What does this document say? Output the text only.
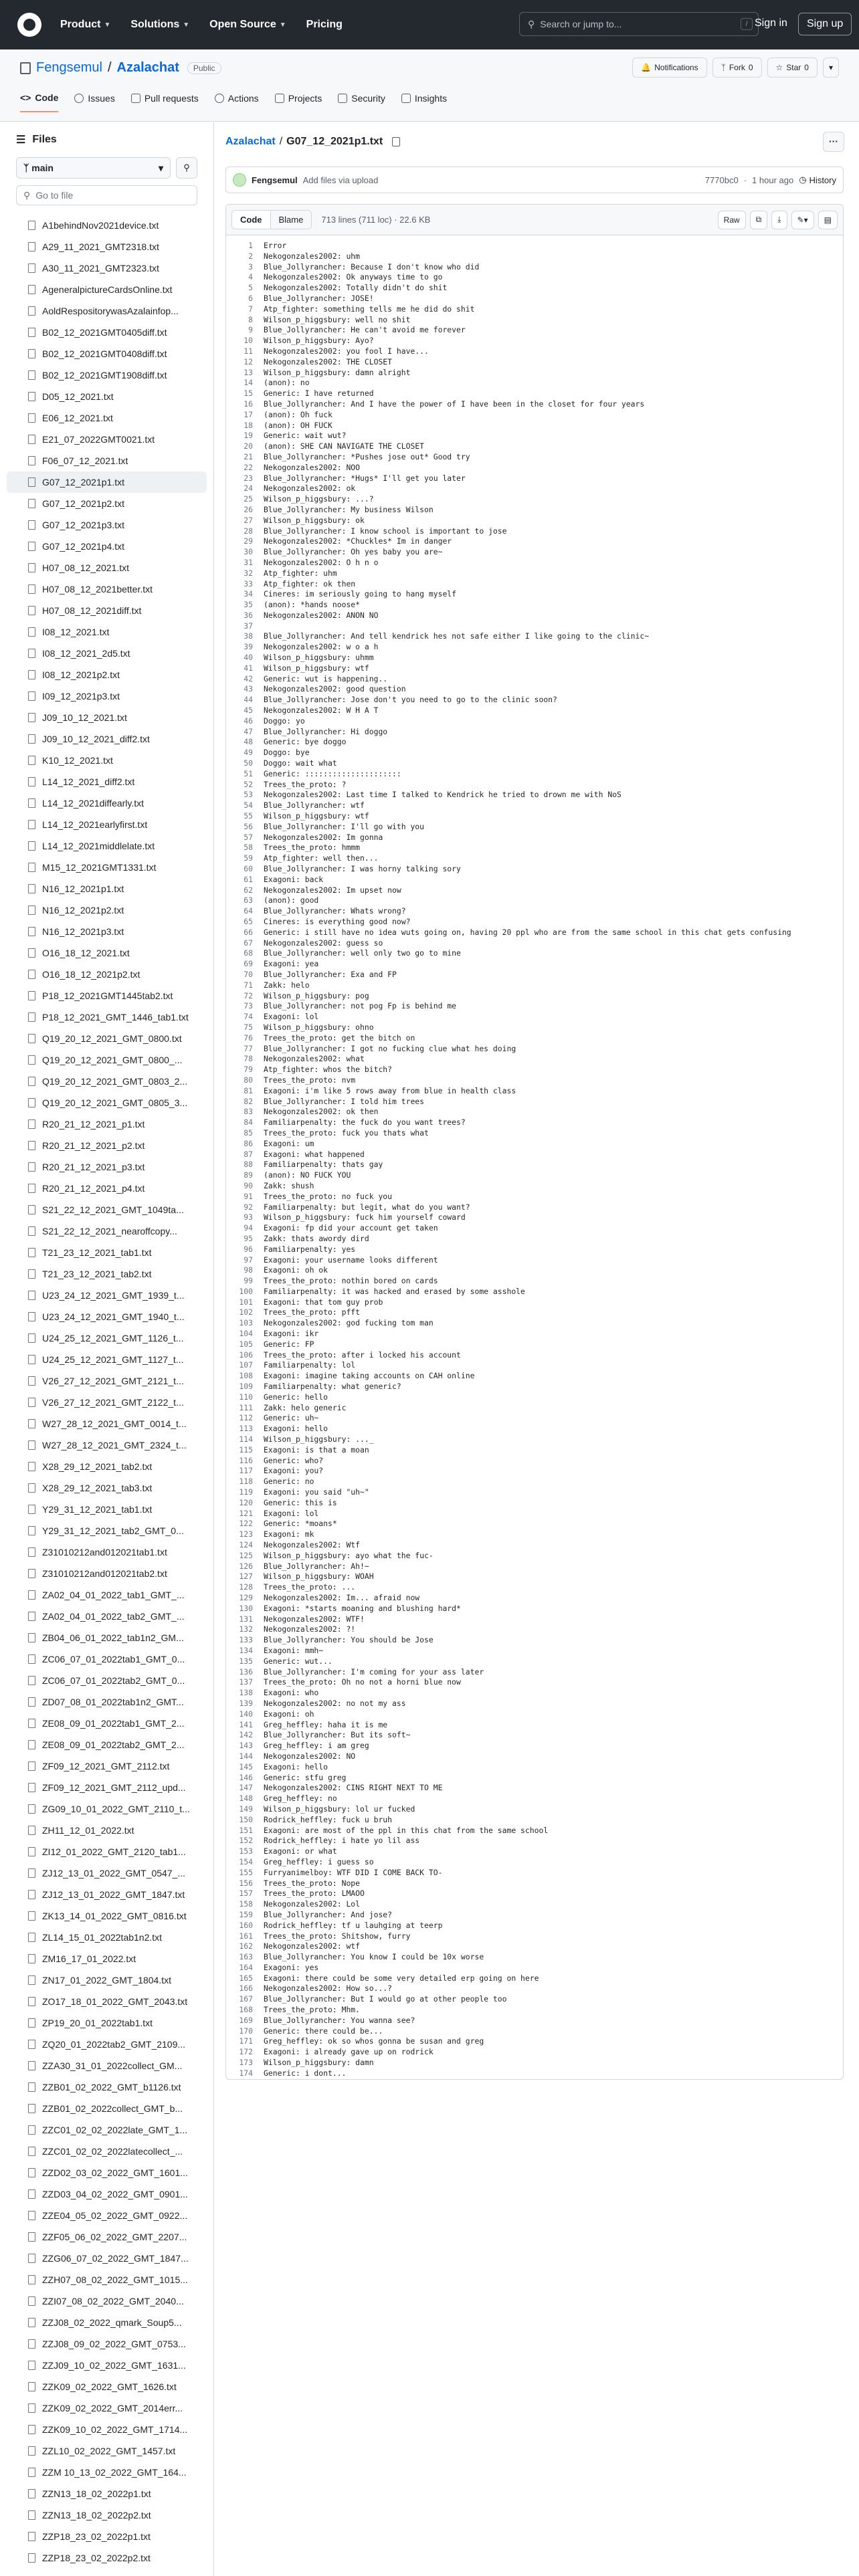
Product ▼ Solutions ▼ Open Source ▼ Pricing	⚲ Search or jump to...	/ Sign in	Sign up
Fengsemul / Azalachat	Public	🔔 Notifications	ᛉ Fork 0	☆ Star 0	▾
<> Code	Issues	Pull requests	Actions	Projects	Security	Insights
☰ Files
ᛉ main	▾ ⚲
⚲ Go to file
A1behindNov2021device.txt
A29_11_2021_GMT2318.txt
A30_11_2021_GMT2323.txt
AgeneralpictureCardsOnline.txt
AoldRespositorywasAzalainfop...
B02_12_2021GMT0405diff.txt
B02_12_2021GMT0408diff.txt
B02_12_2021GMT1908diff.txt
D05_12_2021.txt
E06_12_2021.txt
E21_07_2022GMT0021.txt
F06_07_12_2021.txt
G07_12_2021p1.txt
G07_12_2021p2.txt
G07_12_2021p3.txt
G07_12_2021p4.txt
H07_08_12_2021.txt
H07_08_12_2021better.txt
H07_08_12_2021diff.txt
I08_12_2021.txt
I08_12_2021_2d5.txt
I08_12_2021p2.txt
I09_12_2021p3.txt
J09_10_12_2021.txt
J09_10_12_2021_diff2.txt
K10_12_2021.txt
L14_12_2021_diff2.txt
L14_12_2021diffearly.txt
L14_12_2021earlyfirst.txt
L14_12_2021middlelate.txt
M15_12_2021GMT1331.txt
N16_12_2021p1.txt
N16_12_2021p2.txt
N16_12_2021p3.txt
O16_18_12_2021.txt
O16_18_12_2021p2.txt
P18_12_2021GMT1445tab2.txt
P18_12_2021_GMT_1446_tab1.txt
Q19_20_12_2021_GMT_0800.txt
Q19_20_12_2021_GMT_0800_...
Q19_20_12_2021_GMT_0803_2...
Q19_20_12_2021_GMT_0805_3...
R20_21_12_2021_p1.txt
R20_21_12_2021_p2.txt
R20_21_12_2021_p3.txt
R20_21_12_2021_p4.txt
S21_22_12_2021_GMT_1049ta...
S21_22_12_2021_nearoffcopy...
T21_23_12_2021_tab1.txt
T21_23_12_2021_tab2.txt
U23_24_12_2021_GMT_1939_t...
U23_24_12_2021_GMT_1940_t...
U24_25_12_2021_GMT_1126_t...
U24_25_12_2021_GMT_1127_t...
V26_27_12_2021_GMT_2121_t...
V26_27_12_2021_GMT_2122_t...
W27_28_12_2021_GMT_0014_t...
W27_28_12_2021_GMT_2324_t...
X28_29_12_2021_tab2.txt
X28_29_12_2021_tab3.txt
Y29_31_12_2021_tab1.txt
Y29_31_12_2021_tab2_GMT_0...
Z31010212and012021tab1.txt
Z31010212and012021tab2.txt
ZA02_04_01_2022_tab1_GMT_...
ZA02_04_01_2022_tab2_GMT_...
ZB04_06_01_2022_tab1n2_GM...
ZC06_07_01_2022tab1_GMT_0...
ZC06_07_01_2022tab2_GMT_0...
ZD07_08_01_2022tab1n2_GMT...
ZE08_09_01_2022tab1_GMT_2...
ZE08_09_01_2022tab2_GMT_2...
ZF09_12_2021_GMT_2112.txt
ZF09_12_2021_GMT_2112_upd...
ZG09_10_01_2022_GMT_2110_t...
ZH11_12_01_2022.txt
ZI12_01_2022_GMT_2120_tab1...
ZJ12_13_01_2022_GMT_0547_...
ZJ12_13_01_2022_GMT_1847.txt
ZK13_14_01_2022_GMT_0816.txt
ZL14_15_01_2022tab1n2.txt
ZM16_17_01_2022.txt
ZN17_01_2022_GMT_1804.txt
ZO17_18_01_2022_GMT_2043.txt
ZP19_20_01_2022tab1.txt
ZQ20_01_2022tab2_GMT_2109...
ZZA30_31_01_2022collect_GM...
ZZB01_02_2022_GMT_b1126.txt
ZZB01_02_2022collect_GMT_b...
ZZC01_02_02_2022late_GMT_1...
ZZC01_02_02_2022latecollect_...
ZZD02_03_02_2022_GMT_1601...
ZZD03_04_02_2022_GMT_0901...
ZZE04_05_02_2022_GMT_0922...
ZZF05_06_02_2022_GMT_2207...
ZZG06_07_02_2022_GMT_1847...
ZZH07_08_02_2022_GMT_1015...
ZZI07_08_02_2022_GMT_2040...
ZZJ08_02_2022_qmark_Soup5...
ZZJ08_09_02_2022_GMT_0753...
ZZJ09_10_02_2022_GMT_1631...
ZZK09_02_2022_GMT_1626.txt
ZZK09_02_2022_GMT_2014err...
ZZK09_10_02_2022_GMT_1714...
ZZL10_02_2022_GMT_1457.txt
ZZM 10_13_02_2022_GMT_164...
ZZN13_18_02_2022p1.txt
ZZN13_18_02_2022p2.txt
ZZP18_23_02_2022p1.txt
ZZP18_23_02_2022p2.txt
Azalachat / G07_12_2021p1.txt	···
Fengsemul Add files via upload	7770bc0 · 1 hour ago ◷ History
Code	Blame	713 lines (711 loc) · 22.6 KB	Raw	⧉ ⤓ ✎ ▾ ▤
1	Error
2	Nekogonzales2002: uhm
3	Blue_Jollyrancher: Because I don't know who did
4	Nekogonzales2002: Ok anyways time to go
5	Nekogonzales2002: Totally didn't do shit
6	Blue_Jollyrancher: JOSE!
7	Atp_fighter: something tells me he did do shit
8	Wilson_p_higgsbury: well no shit
9	Blue_Jollyrancher: He can't avoid me forever
10	Wilson_p_higgsbury: Ayo?
11	Nekogonzales2002: you fool I have...
12	Nekogonzales2002: THE CLOSET
13	Wilson_p_higgsbury: damn alright
14	(anon): no
15	Generic: I have returned
16	Blue_Jollyrancher: And I have the power of I have been in the closet for four years
17	(anon): Oh fuck
18	(anon): OH FUCK
19	Generic: wait wut?
20	(anon): SHE CAN NAVIGATE THE CLOSET
21	Blue_Jollyrancher: *Pushes jose out* Good try
22	Nekogonzales2002: NOO
23	Blue_Jollyrancher: *Hugs* I'll get you later
24	Nekogonzales2002: ok
25	Wilson_p_higgsbury: ...?
26	Blue_Jollyrancher: My business Wilson
27	Wilson_p_higgsbury: ok
28	Blue_Jollyrancher: I know school is important to jose
29	Nekogonzales2002: *Chuckles* Im in danger
30	Blue_Jollyrancher: Oh yes baby you are~
31	Nekogonzales2002: O h n o
32	Atp_fighter: uhm
33	Atp_fighter: ok then
34	Cineres: im seriously going to hang myself
35	(anon): *hands noose*
36	Nekogonzales2002: ANON NO
37
38	Blue_Jollyrancher: And tell kendrick hes not safe either I like going to the clinic~
39	Nekogonzales2002: w o a h
40	Wilson_p_higgsbury: uhmm
41	Wilson_p_higgsbury: wtf
42	Generic: wut is happening..
43	Nekogonzales2002: good question
44	Blue_Jollyrancher: Jose don't you need to go to the clinic soon?
45	Nekogonzales2002: W H A T
46	Doggo: yo
47	Blue_Jollyrancher: Hi doggo
48	Generic: bye doggo
49	Doggo: bye
50	Doggo: wait what
51	Generic: :::::::::::::::::::::
52	Trees_the_proto: ?
53	Nekogonzales2002: Last time I talked to Kendrick he tried to drown me with NoS
54	Blue_Jollyrancher: wtf
55	Wilson_p_higgsbury: wtf
56	Blue_Jollyrancher: I'll go with you
57	Nekogonzales2002: Im gonna
58	Trees_the_proto: hmmm
59	Atp_fighter: well then...
60	Blue_Jollyrancher: I was horny talking sory
61	Exagoni: back
62	Nekogonzales2002: Im upset now
63	(anon): good
64	Blue_Jollyrancher: Whats wrong?
65	Cineres: is everything good now?
66	Generic: i still have no idea wuts going on, having 20 ppl who are from the same school in this chat gets confusing
67	Nekogonzales2002: guess so
68	Blue_Jollyrancher: well only two go to mine
69	Exagoni: yea
70	Blue_Jollyrancher: Exa and FP
71	Zakk: helo
72	Wilson_p_higgsbury: pog
73	Blue_Jollyrancher: not pog Fp is behind me
74	Exagoni: lol
75	Wilson_p_higgsbury: ohno
76	Trees_the_proto: get the bitch on
77	Blue_Jollyrancher: I got no fucking clue what hes doing
78	Nekogonzales2002: what
79	Atp_fighter: whos the bitch?
80	Trees_the_proto: nvm
81	Exagoni: i'm like 5 rows away from blue in health class
82	Blue_Jollyrancher: I told him trees
83	Nekogonzales2002: ok then
84	Familiarpenalty: the fuck do you want trees?
85	Trees_the_proto: fuck you thats what
86	Exagoni: um
87	Exagoni: what happened
88	Familiarpenalty: thats gay
89	(anon): NO FUCK YOU
90	Zakk: shush
91	Trees_the_proto: no fuck you
92	Familiarpenalty: but legit, what do you want?
93	Wilson_p_higgsbury: fuck him yourself coward
94	Exagoni: fp did your account get taken
95	Zakk: thats awordy dird
96	Familiarpenalty: yes
97	Exagoni: your username looks different
98	Exagoni: oh ok
99	Trees_the_proto: nothin bored on cards
100	Familiarpenalty: it was hacked and erased by some asshole
101	Exagoni: that tom guy prob
102	Trees_the_proto: pfft
103	Nekogonzales2002: god fucking tom man
104	Exagoni: ikr
105	Generic: FP
106	Trees_the_proto: after i locked his account
107	Familiarpenalty: lol
108	Exagoni: imagine taking accounts on CAH online
109	Familiarpenalty: what generic?
110	Generic: hello
111	Zakk: helo generic
112	Generic: uh~
113	Exagoni: hello
114	Wilson_p_higgsbury: ..._
115	Exagoni: is that a moan
116	Generic: who?
117	Exagoni: you?
118	Generic: no
119	Exagoni: you said "uh~"
120	Generic: this is
121	Exagoni: lol
122	Generic: *moans*
123	Exagoni: mk
124	Nekogonzales2002: Wtf
125	Wilson_p_higgsbury: ayo what the fuc-
126	Blue_Jollyrancher: Ah!~
127	Wilson_p_higgsbury: WOAH
128	Trees_the_proto: ...
129	Nekogonzales2002: Im... afraid now
130	Exagoni: *starts moaning and blushing hard*
131	Nekogonzales2002: WTF!
132	Nekogonzales2002: ?!
133	Blue_Jollyrancher: You should be Jose
134	Exagoni: mmh~
135	Generic: wut...
136	Blue_Jollyrancher: I'm coming for your ass later
137	Trees_the_proto: Oh no not a horni blue now
138	Exagoni: who
139	Nekogonzales2002: no not my ass
140	Exagoni: oh
141	Greg_heffley: haha it is me
142	Blue_Jollyrancher: But its soft~
143	Greg_heffley: i am greg
144	Nekogonzales2002: NO
145	Exagoni: hello
146	Generic: stfu greg
147	Nekogonzales2002: CINS RIGHT NEXT TO ME
148	Greg_heffley: no
149	Wilson_p_higgsbury: lol ur fucked
150	Rodrick_heffley: fuck u bruh
151	Exagoni: are most of the ppl in this chat from the same school
152	Rodrick_heffley: i hate yo lil ass
153	Exagoni: or what
154	Greg_heffley: i guess so
155	Furryanimelboy: WTF DID I COME BACK TO-
156	Trees_the_proto: Nope
157	Trees_the_proto: LMAOO
158	Nekogonzales2002: Lol
159	Blue_Jollyrancher: And jose?
160	Rodrick_heffley: tf u lauhging at teerp
161	Trees_the_proto: Shitshow, furry
162	Nekogonzales2002: wtf
163	Blue_Jollyrancher: You know I could be 10x worse
164	Exagoni: yes
165	Exagoni: there could be some very detailed erp going on here
166	Nekogonzales2002: How so...?
167	Blue_Jollyrancher: But I would go at other people too
168	Trees_the_proto: Mhm.
169	Blue_Jollyrancher: You wanna see?
170	Generic: there could be...
171	Greg_heffley: ok so whos gonna be susan and greg
172	Exagoni: i already gave up on rodrick
173	Wilson_p_higgsbury: damn
174	Generic: i dont...
